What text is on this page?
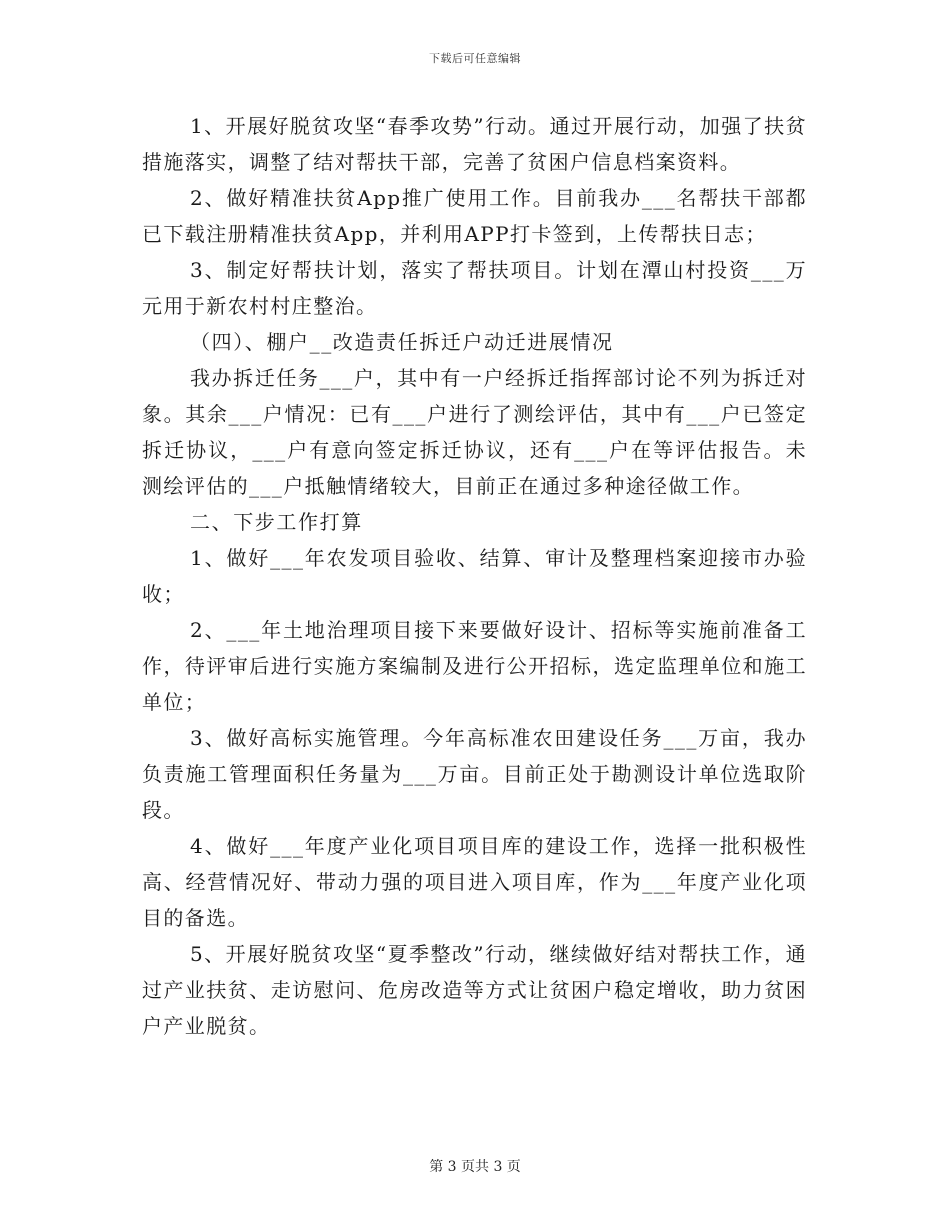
下载后可任意编辑

1、开展好脱贫攻坚“春季攻势”行动。通过开展行动，加强了扶贫措施落实，调整了结对帮扶干部，完善了贫困户信息档案资料。

2、做好精准扶贫App推广使用工作。目前我办___名帮扶干部都已下载注册精准扶贫App，并利用APP打卡签到，上传帮扶日志；

3、制定好帮扶计划，落实了帮扶项目。计划在潭山村投资___万元用于新农村村庄整治。

（四）、棚户__改造责任拆迁户动迁进展情况

我办拆迁任务___户，其中有一户经拆迁指挥部讨论不列为拆迁对象。其余___户情况：已有___户进行了测绘评估，其中有___户已签定拆迁协议，___户有意向签定拆迁协议，还有___户在等评估报告。未测绘评估的___户抵触情绪较大，目前正在通过多种途径做工作。

二、下步工作打算

1、做好___年农发项目验收、结算、审计及整理档案迎接市办验收；

2、___年土地治理项目接下来要做好设计、招标等实施前准备工作，待评审后进行实施方案编制及进行公开招标，选定监理单位和施工单位；

3、做好高标实施管理。今年高标准农田建设任务___万亩，我办负责施工管理面积任务量为___万亩。目前正处于勘测设计单位选取阶段。

4、做好___年度产业化项目项目库的建设工作，选择一批积极性高、经营情况好、带动力强的项目进入项目库，作为___年度产业化项目的备选。

5、开展好脱贫攻坚“夏季整改”行动，继续做好结对帮扶工作，通过产业扶贫、走访慰问、危房改造等方式让贫困户稳定增收，助力贫困户产业脱贫。

第 3 页共 3 页
